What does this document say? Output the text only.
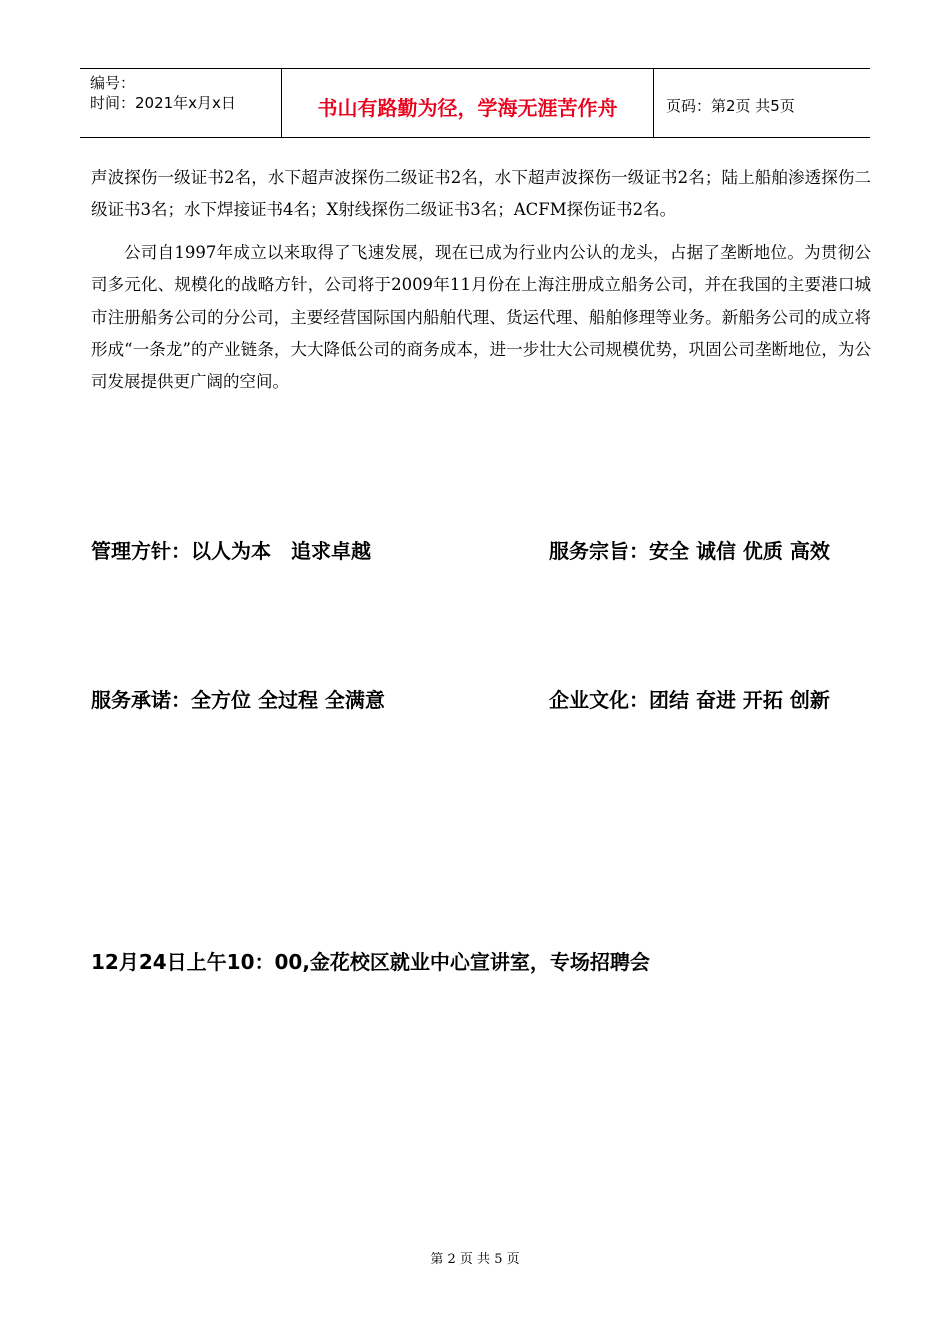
编号：
时间：2021年x月x日	书山有路勤为径，学海无涯苦作舟	页码：第2页 共5页

声波探伤一级证书2名，水下超声波探伤二级证书2名，水下超声波探伤一级证书2名；陆上船舶渗透探伤二级证书3名；水下焊接证书4名；X射线探伤二级证书3名；ACFM探伤证书2名。

公司自1997年成立以来取得了飞速发展，现在已成为行业内公认的龙头，占据了垄断地位。为贯彻公司多元化、规模化的战略方针，公司将于2009年11月份在上海注册成立船务公司，并在我国的主要港口城市注册船务公司的分公司，主要经营国际国内船舶代理、货运代理、船舶修理等业务。新船务公司的成立将形成“一条龙”的产业链条，大大降低公司的商务成本，进一步壮大公司规模优势，巩固公司垄断地位，为公司发展提供更广阔的空间。

管理方针：以人为本　追求卓越	服务宗旨：安全 诚信 优质 高效
服务承诺：全方位 全过程 全满意	企业文化：团结 奋进 开拓 创新
12月24日上午10：00,金花校区就业中心宣讲室，专场招聘会
第 2 页 共 5 页
